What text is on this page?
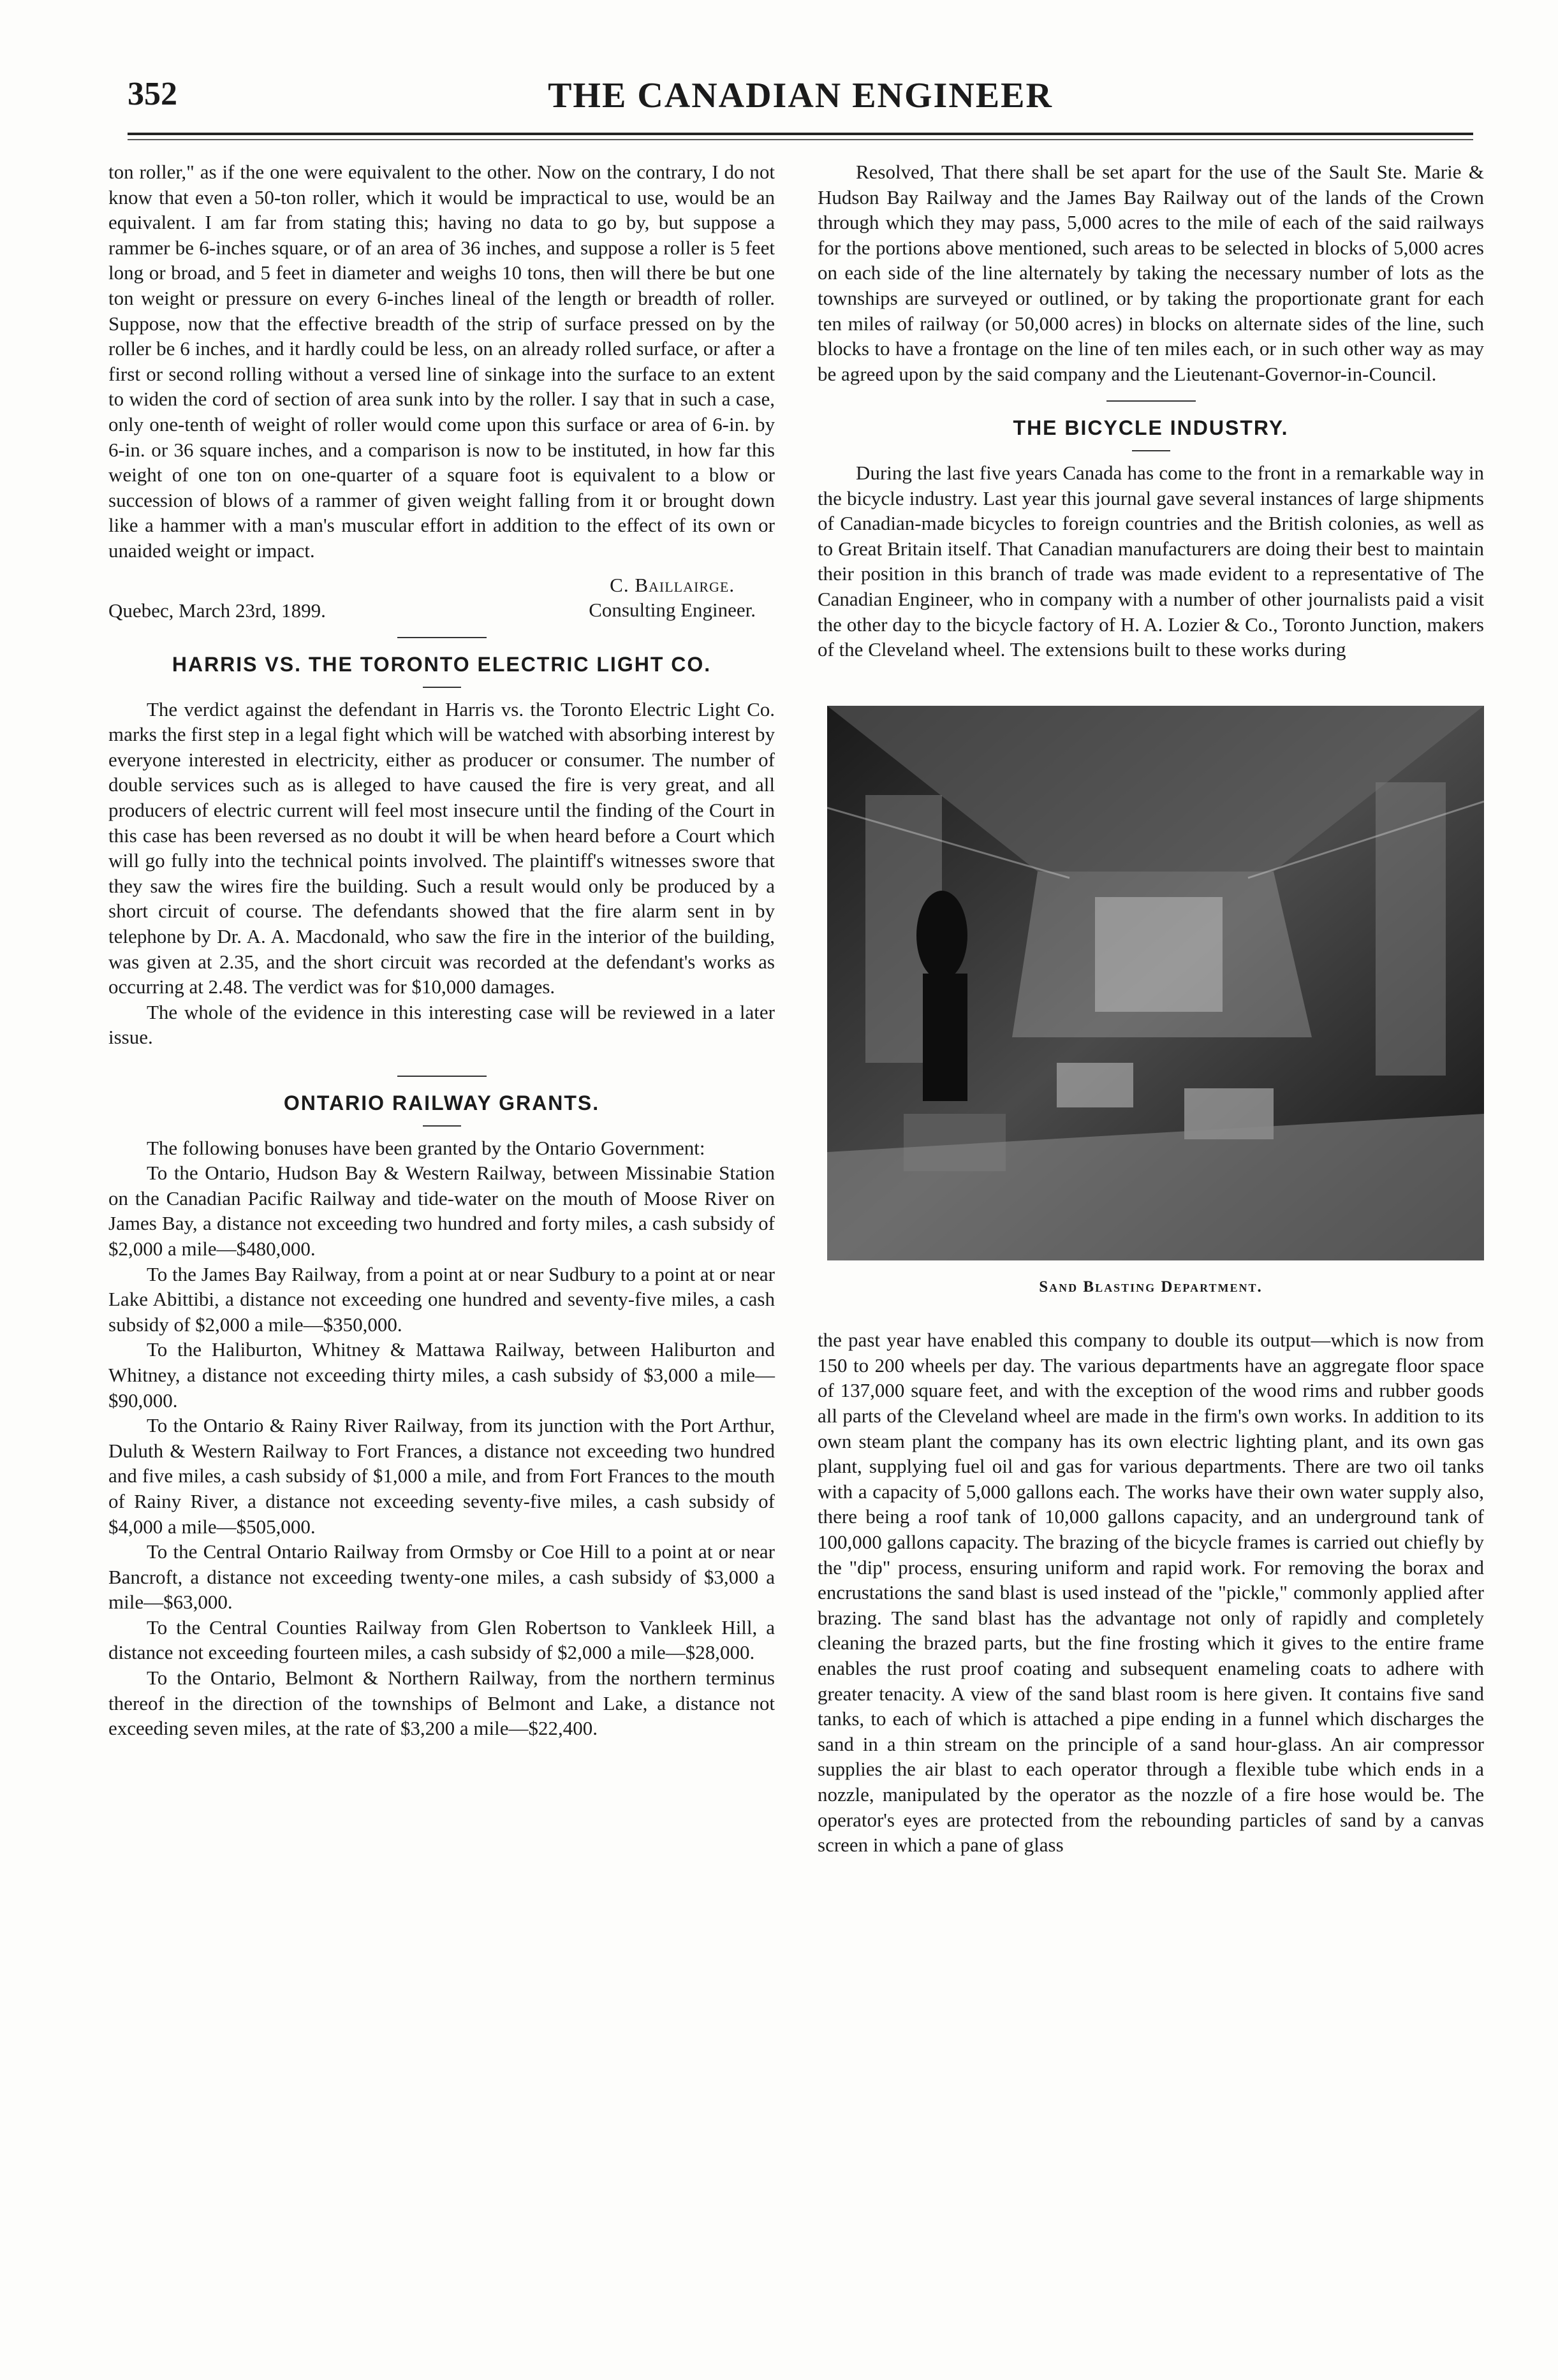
352	THE CANADIAN ENGINEER

ton roller," as if the one were equivalent to the other. Now on the contrary, I do not know that even a 50-ton roller, which it would be impractical to use, would be an equivalent. I am far from stating this; having no data to go by, but suppose a rammer be 6-inches square, or of an area of 36 inches, and suppose a roller is 5 feet long or broad, and 5 feet in diameter and weighs 10 tons, then will there be but one ton weight or pressure on every 6-inches lineal of the length or breadth of roller. Suppose, now that the effective breadth of the strip of surface pressed on by the roller be 6 inches, and it hardly could be less, on an already rolled surface, or after a first or second rolling without a versed line of sinkage into the surface to an extent to widen the cord of section of area sunk into by the roller. I say that in such a case, only one-tenth of weight of roller would come upon this surface or area of 6-in. by 6-in. or 36 square inches, and a comparison is now to be instituted, in how far this weight of one ton on one-quarter of a square foot is equivalent to a blow or succession of blows of a rammer of given weight falling from it or brought down like a hammer with a man's muscular effort in addition to the effect of its own or unaided weight or impact.

Quebec, March 23rd, 1899.
C. Baillairge.
Consulting Engineer.
HARRIS VS. THE TORONTO ELECTRIC LIGHT CO.

The verdict against the defendant in Harris vs. the Toronto Electric Light Co. marks the first step in a legal fight which will be watched with absorbing interest by everyone interested in electricity, either as producer or consumer. The number of double services such as is alleged to have caused the fire is very great, and all producers of electric current will feel most insecure until the finding of the Court in this case has been reversed as no doubt it will be when heard before a Court which will go fully into the technical points involved. The plaintiff's witnesses swore that they saw the wires fire the building. Such a result would only be produced by a short circuit of course. The defendants showed that the fire alarm sent in by telephone by Dr. A. A. Macdonald, who saw the fire in the interior of the building, was given at 2.35, and the short circuit was recorded at the defendant's works as occurring at 2.48. The verdict was for $10,000 damages.

The whole of the evidence in this interesting case will be reviewed in a later issue.

ONTARIO RAILWAY GRANTS.

The following bonuses have been granted by the Ontario Government:

To the Ontario, Hudson Bay & Western Railway, between Missinabie Station on the Canadian Pacific Railway and tide-water on the mouth of Moose River on James Bay, a distance not exceeding two hundred and forty miles, a cash subsidy of $2,000 a mile—$480,000.

To the James Bay Railway, from a point at or near Sudbury to a point at or near Lake Abittibi, a distance not exceeding one hundred and seventy-five miles, a cash subsidy of $2,000 a mile—$350,000.

To the Haliburton, Whitney & Mattawa Railway, between Haliburton and Whitney, a distance not exceeding thirty miles, a cash subsidy of $3,000 a mile—$90,000.

To the Ontario & Rainy River Railway, from its junction with the Port Arthur, Duluth & Western Railway to Fort Frances, a distance not exceeding two hundred and five miles, a cash subsidy of $1,000 a mile, and from Fort Frances to the mouth of Rainy River, a distance not exceeding seventy-five miles, a cash subsidy of $4,000 a mile—$505,000.

To the Central Ontario Railway from Ormsby or Coe Hill to a point at or near Bancroft, a distance not exceeding twenty-one miles, a cash subsidy of $3,000 a mile—$63,000.

To the Central Counties Railway from Glen Robertson to Vankleek Hill, a distance not exceeding fourteen miles, a cash subsidy of $2,000 a mile—$28,000.

To the Ontario, Belmont & Northern Railway, from the northern terminus thereof in the direction of the townships of Belmont and Lake, a distance not exceeding seven miles, at the rate of $3,200 a mile—$22,400.

Resolved, That there shall be set apart for the use of the Sault Ste. Marie & Hudson Bay Railway and the James Bay Railway out of the lands of the Crown through which they may pass, 5,000 acres to the mile of each of the said railways for the portions above mentioned, such areas to be selected in blocks of 5,000 acres on each side of the line alternately by taking the necessary number of lots as the townships are surveyed or outlined, or by taking the proportionate grant for each ten miles of railway (or 50,000 acres) in blocks on alternate sides of the line, such blocks to have a frontage on the line of ten miles each, or in such other way as may be agreed upon by the said company and the Lieutenant-Governor-in-Council.

THE BICYCLE INDUSTRY.

During the last five years Canada has come to the front in a remarkable way in the bicycle industry. Last year this journal gave several instances of large shipments of Canadian-made bicycles to foreign countries and the British colonies, as well as to Great Britain itself. That Canadian manufacturers are doing their best to maintain their position in this branch of trade was made evident to a representative of The Canadian Engineer, who in company with a number of other journalists paid a visit the other day to the bicycle factory of H. A. Lozier & Co., Toronto Junction, makers of the Cleveland wheel. The extensions built to these works during

Sand Blasting Department.

the past year have enabled this company to double its output—which is now from 150 to 200 wheels per day. The various departments have an aggregate floor space of 137,000 square feet, and with the exception of the wood rims and rubber goods all parts of the Cleveland wheel are made in the firm's own works. In addition to its own steam plant the company has its own electric lighting plant, and its own gas plant, supplying fuel oil and gas for various departments. There are two oil tanks with a capacity of 5,000 gallons each. The works have their own water supply also, there being a roof tank of 10,000 gallons capacity, and an underground tank of 100,000 gallons capacity. The brazing of the bicycle frames is carried out chiefly by the "dip" process, ensuring uniform and rapid work. For removing the borax and encrustations the sand blast is used instead of the "pickle," commonly applied after brazing. The sand blast has the advantage not only of rapidly and completely cleaning the brazed parts, but the fine frosting which it gives to the entire frame enables the rust proof coating and subsequent enameling coats to adhere with greater tenacity. A view of the sand blast room is here given. It contains five sand tanks, to each of which is attached a pipe ending in a funnel which discharges the sand in a thin stream on the principle of a sand hour-glass. An air compressor supplies the air blast to each operator through a flexible tube which ends in a nozzle, manipulated by the operator as the nozzle of a fire hose would be. The operator's eyes are protected from the rebounding particles of sand by a canvas screen in which a pane of glass
